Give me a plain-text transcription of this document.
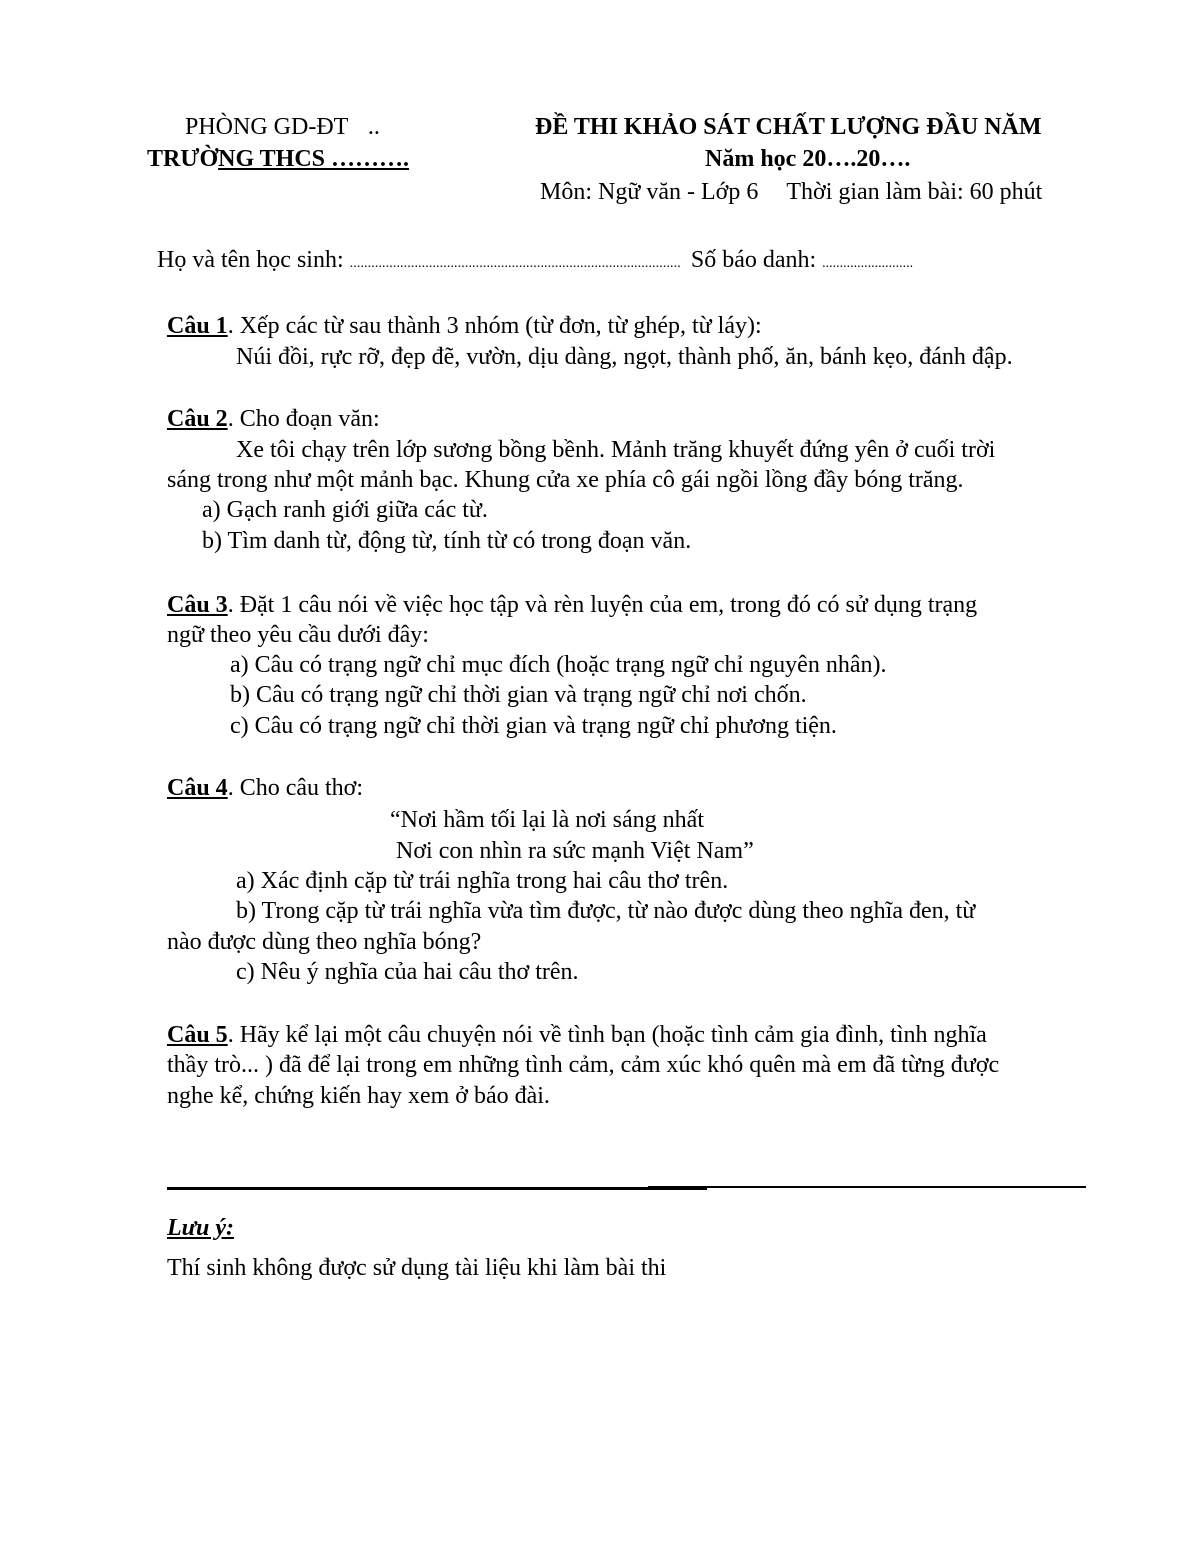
PHÒNG GD-ĐT ..
TRƯỜNG THCS ……….
ĐỀ THI KHẢO SÁT CHẤT LƯỢNG ĐẦU NĂM
Năm học 20….20….
Môn: Ngữ văn - Lớp 6 Thời gian làm bài: 60 phút
Họ và tên học sinh: ............................................................................................ Số báo danh: ..........................
Câu 1. Xếp các từ sau thành 3 nhóm (từ đơn, từ ghép, từ láy):
Núi đồi, rực rỡ, đẹp đẽ, vườn, dịu dàng, ngọt, thành phố, ăn, bánh kẹo, đánh đập.
Câu 2. Cho đoạn văn:
Xe tôi chạy trên lớp sương bồng bềnh. Mảnh trăng khuyết đứng yên ở cuối trời
sáng trong như một mảnh bạc. Khung cửa xe phía cô gái ngồi lồng đầy bóng trăng.
a) Gạch ranh giới giữa các từ.
b) Tìm danh từ, động từ, tính từ có trong đoạn văn.
Câu 3. Đặt 1 câu nói về việc học tập và rèn luyện của em, trong đó có sử dụng trạng
ngữ theo yêu cầu dưới đây:
a) Câu có trạng ngữ chỉ mục đích (hoặc trạng ngữ chỉ nguyên nhân).
b) Câu có trạng ngữ chỉ thời gian và trạng ngữ chỉ nơi chốn.
c) Câu có trạng ngữ chỉ thời gian và trạng ngữ chỉ phương tiện.
Câu 4. Cho câu thơ:
“Nơi hầm tối lại là nơi sáng nhất
Nơi con nhìn ra sức mạnh Việt Nam”
a) Xác định cặp từ trái nghĩa trong hai câu thơ trên.
b) Trong cặp từ trái nghĩa vừa tìm được, từ nào được dùng theo nghĩa đen, từ
nào được dùng theo nghĩa bóng?
c) Nêu ý nghĩa của hai câu thơ trên.
Câu 5. Hãy kể lại một câu chuyện nói về tình bạn (hoặc tình cảm gia đình, tình nghĩa
thầy trò... ) đã để lại trong em những tình cảm, cảm xúc khó quên mà em đã từng được
nghe kể, chứng kiến hay xem ở báo đài.
Lưu ý:
Thí sinh không được sử dụng tài liệu khi làm bài thi
